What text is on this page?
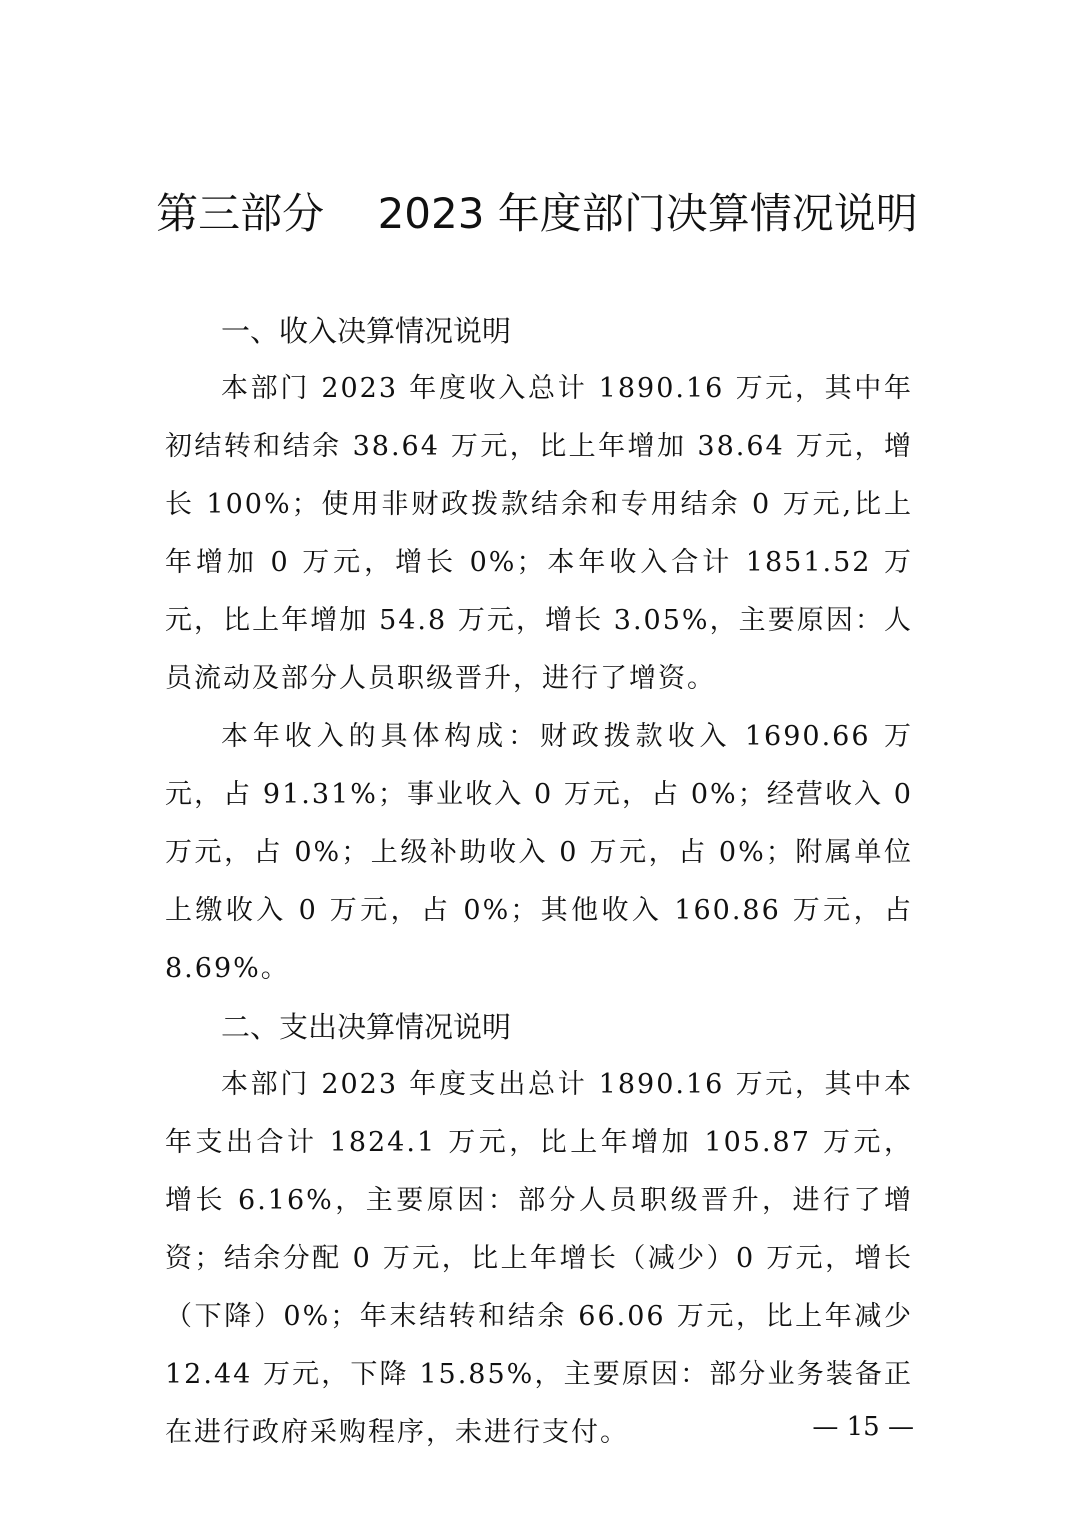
第三部分    2023 年度部门决算情况说明
一、收入决算情况说明

本部门 2023 年度收入总计 1890.16 万元，其中年初结转和结余 38.64 万元，比上年增加 38.64 万元，增长 100%；使用非财政拨款结余和专用结余 0 万元,比上年增加 0 万元，增长 0%；本年收入合计 1851.52 万元，比上年增加 54.8 万元，增长 3.05%，主要原因：人员流动及部分人员职级晋升，进行了增资。

本年收入的具体构成：财政拨款收入 1690.66 万元，占 91.31%；事业收入 0 万元，占 0%；经营收入 0 万元，占 0%；上级补助收入 0 万元，占 0%；附属单位上缴收入 0 万元，占 0%；其他收入 160.86 万元，占 8.69%。

二、支出决算情况说明

本部门 2023 年度支出总计 1890.16 万元，其中本年支出合计 1824.1 万元，比上年增加 105.87 万元，增长 6.16%，主要原因：部分人员职级晋升，进行了增资；结余分配 0 万元，比上年增长（减少）0 万元，增长（下降）0%；年末结转和结余 66.06 万元，比上年减少 12.44 万元，下降 15.85%，主要原因：部分业务装备正在进行政府采购程序，未进行支付。	— 15 —
